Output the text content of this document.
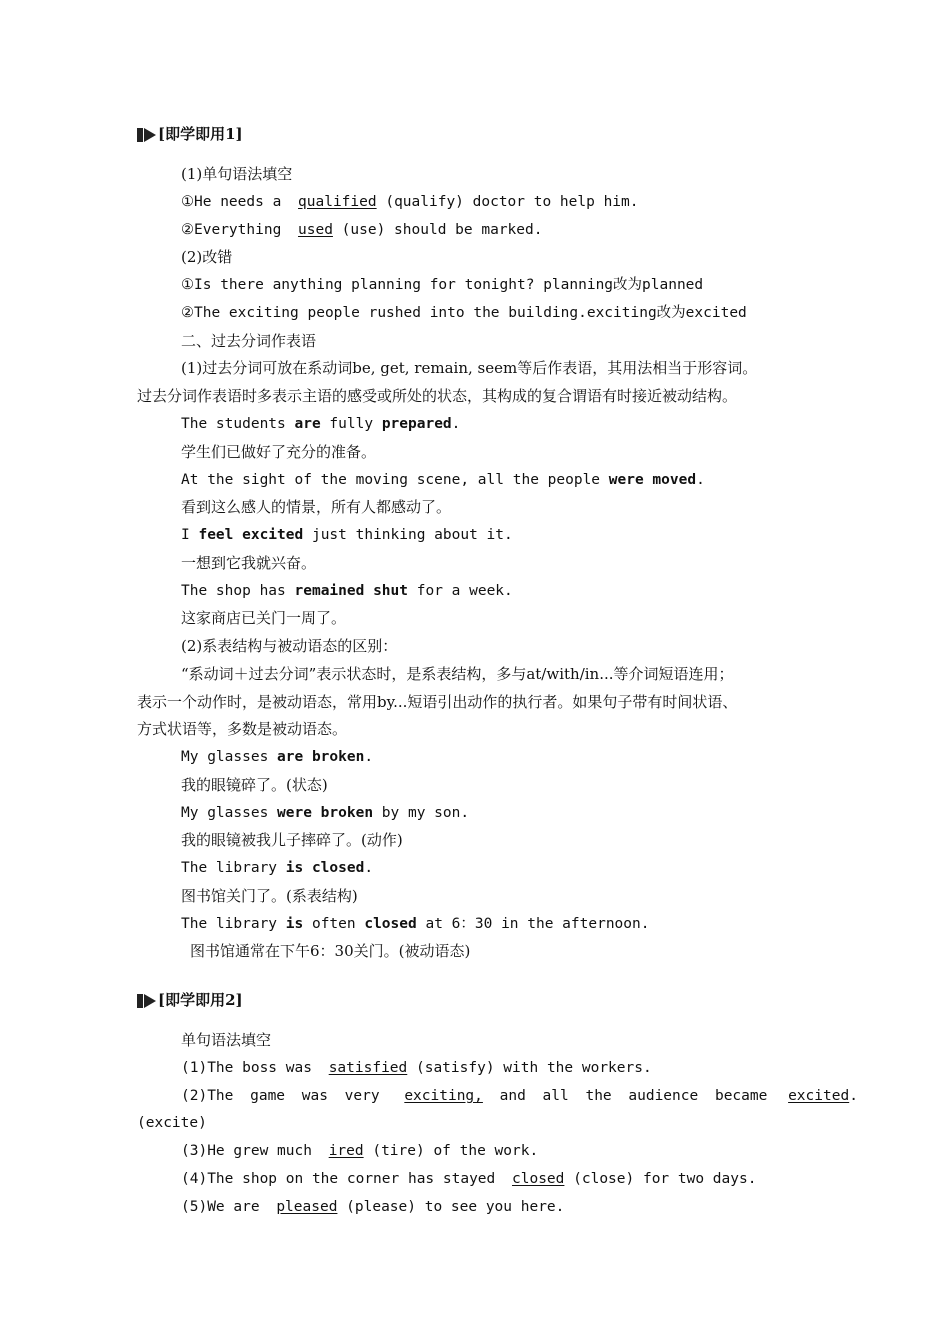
[即学即用1]
(1)单句语法填空
①He needs a qualified (qualify) doctor to help him.
②Everything used (use) should be marked.
(2)改错
①Is there anything planning for tonight? planning改为planned
②The exciting people rushed into the building.exciting改为excited
二、过去分词作表语
(1)过去分词可放在系动词be, get, remain, seem等后作表语，其用法相当于形容词。
过去分词作表语时多表示主语的感受或所处的状态，其构成的复合谓语有时接近被动结构。
The students are fully prepared.
学生们已做好了充分的准备。
At the sight of the moving scene, all the people were moved.
看到这么感人的情景，所有人都感动了。
I feel excited just thinking about it.
一想到它我就兴奋。
The shop has remained shut for a week.
这家商店已关门一周了。
(2)系表结构与被动语态的区别：
“系动词＋过去分词”表示状态时，是系表结构，多与at/with/in...等介词短语连用；
表示一个动作时，是被动语态，常用by...短语引出动作的执行者。如果句子带有时间状语、
方式状语等，多数是被动语态。
My glasses are broken.
我的眼镜碎了。(状态)
My glasses were broken by my son.
我的眼镜被我儿子摔碎了。(动作)
The library is closed.
图书馆关门了。(系表结构)
The library is often closed at 6：30 in the afternoon.
图书馆通常在下午6：30关门。(被动语态)
[即学即用2]
单句语法填空
(1)The boss was satisfied (satisfy) with the workers.
(2)The game was very exciting, and all the audience became excited.
(excite)
(3)He grew much ired (tire) of the work.
(4)The shop on the corner has stayed closed (close) for two days.
(5)We are pleased (please) to see you here.
